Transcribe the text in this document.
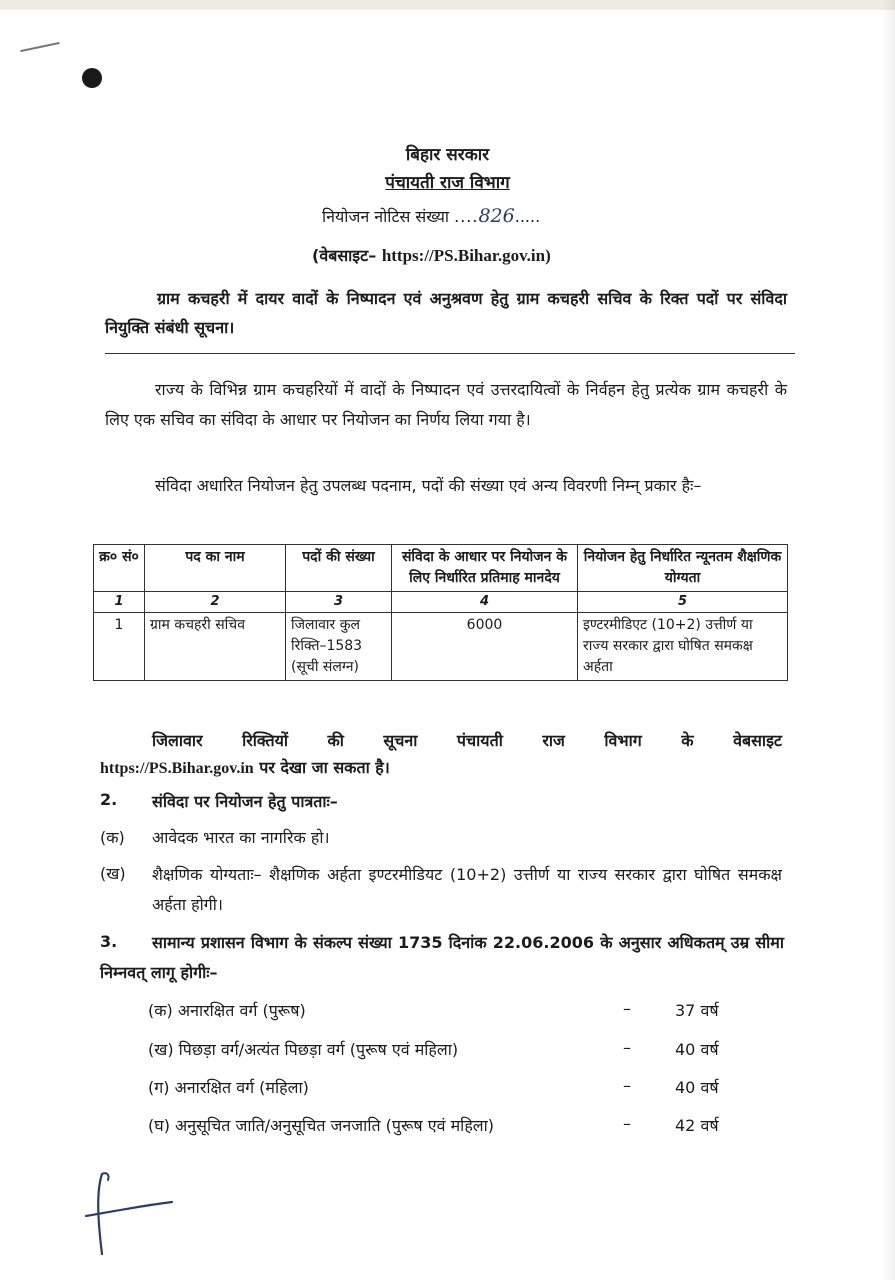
बिहार सरकार
पंचायती राज विभाग
नियोजन नोटिस संख्या ....826.....
(वेबसाइट– https://PS.Bihar.gov.in)
ग्राम कचहरी में दायर वादों के निष्पादन एवं अनुश्रवण हेतु ग्राम कचहरी सचिव के रिक्त पदों पर संविदा नियुक्ति संबंधी सूचना।
राज्य के विभिन्न ग्राम कचहरियों में वादों के निष्पादन एवं उत्तरदायित्वों के निर्वहन हेतु प्रत्येक ग्राम कचहरी के लिए एक सचिव का संविदा के आधार पर नियोजन का निर्णय लिया गया है।
संविदा अधारित नियोजन हेतु उपलब्ध पदनाम, पदों की संख्या एवं अन्य विवरणी निम्न् प्रकार हैः–
क्र० सं०	पद का नाम	पदों की संख्या	संविदा के आधार पर नियोजन के लिए निर्धारित प्रतिमाह मानदेय	नियोजन हेतु निर्धारित न्यूनतम शैक्षणिक योग्यता
1	2	3	4	5
1	ग्राम कचहरी सचिव	जिलावार कुल रिक्ति–1583 (सूची संलग्न)	6000	इण्टरमीडिएट (10+2) उत्तीर्ण या राज्य सरकार द्वारा घोषित समकक्ष अर्हता
जिलावार रिक्तियों की सूचना पंचायती राज विभाग के वेबसाइट
https://PS.Bihar.gov.in पर देखा जा सकता है।
2. संविदा पर नियोजन हेतु पात्रताः–
(क) आवेदक भारत का नागरिक हो।
(ख) शैक्षणिक योग्यताः– शैक्षणिक अर्हता इण्टरमीडियट (10+2) उत्तीर्ण या राज्य सरकार द्वारा घोषित समकक्ष अर्हता होगी।
3.	सामान्य प्रशासन विभाग के संकल्प संख्या 1735 दिनांक 22.06.2006 के अनुसार अधिकतम् उम्र सीमा निम्नवत् लागू होगीः–
(क) अनारक्षित वर्ग (पुरूष)	–	37 वर्ष
(ख) पिछड़ा वर्ग/अत्यंत पिछड़ा वर्ग (पुरूष एवं महिला)	–	40 वर्ष
(ग) अनारक्षित वर्ग (महिला)	–	40 वर्ष
(घ) अनुसूचित जाति/अनुसूचित जनजाति (पुरूष एवं महिला)	–	42 वर्ष
